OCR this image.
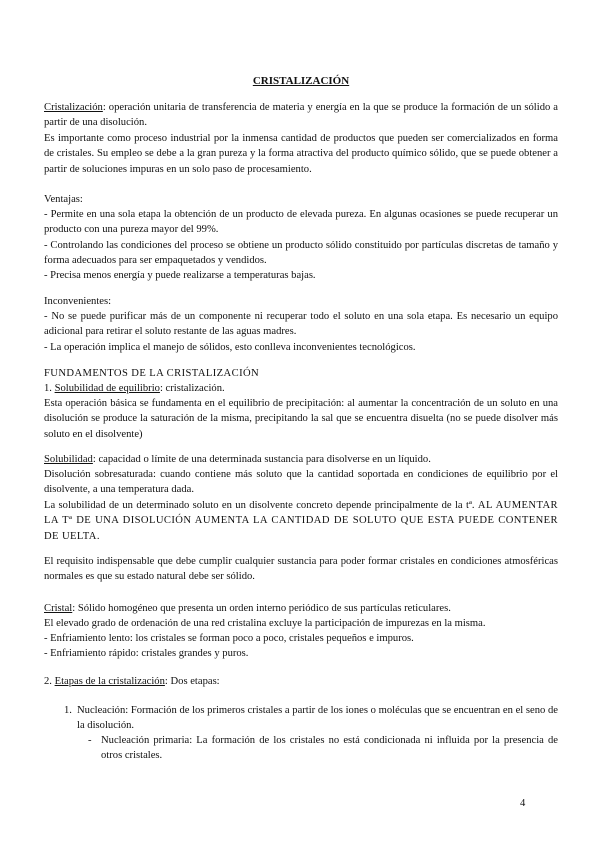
CRISTALIZACIÓN
Cristalización: operación unitaria de transferencia de materia y energía en la que se produce la formación de un sólido a partir de una disolución.
Es importante como proceso industrial por la inmensa cantidad de productos que pueden ser comercializados en forma de cristales. Su empleo se debe a la gran pureza y la forma atractiva del producto químico sólido, que se puede obtener a partir de soluciones impuras en un solo paso de procesamiento.
Ventajas:
- Permite en una sola etapa la obtención de un producto de elevada pureza. En algunas ocasiones se puede recuperar un producto con una pureza mayor del 99%.
- Controlando las condiciones del proceso se obtiene un producto sólido constituido por partículas discretas de tamaño y forma adecuados para ser empaquetados y vendidos.
- Precisa menos energía y puede realizarse a temperaturas bajas.
Inconvenientes:
- No se puede purificar más de un componente ni recuperar todo el soluto en una sola etapa. Es necesario un equipo adicional para retirar el soluto restante de las aguas madres.
- La operación implica el manejo de sólidos, esto conlleva inconvenientes tecnológicos.
FUNDAMENTOS DE LA CRISTALIZACIÓN
1. Solubilidad de equilibrio: cristalización.
Esta operación básica se fundamenta en el equilibrio de precipitación: al aumentar la concentración de un soluto en una disolución se produce la saturación de la misma, precipitando la sal que se encuentra disuelta (no se puede disolver más soluto en el disolvente)
Solubilidad: capacidad o límite de una determinada sustancia para disolverse en un líquido.
Disolución sobresaturada: cuando contiene más soluto que la cantidad soportada en condiciones de equilibrio por el disolvente, a una temperatura dada.
La solubilidad de un determinado soluto en un disolvente concreto depende principalmente de la tª. AL AUMENTAR LA Tª DE UNA DISOLUCIÓN AUMENTA LA CANTIDAD DE SOLUTO QUE ESTA PUEDE CONTENER DE UELTA.
El requisito indispensable que debe cumplir cualquier sustancia para poder formar cristales en condiciones atmosféricas normales es que su estado natural debe ser sólido.
Cristal: Sólido homogéneo que presenta un orden interno periódico de sus partículas reticulares.
El elevado grado de ordenación de una red cristalina excluye la participación de impurezas en la misma.
- Enfriamiento lento: los cristales se forman poco a poco, cristales pequeños e impuros.
- Enfriamiento rápido: cristales grandes y puros.
2. Etapas de la cristalización: Dos etapas:
1. Nucleación: Formación de los primeros cristales a partir de los iones o moléculas que se encuentran en el seno de la disolución.
- Nucleación primaria: La formación de los cristales no está condicionada ni influida por la presencia de otros cristales.
4
